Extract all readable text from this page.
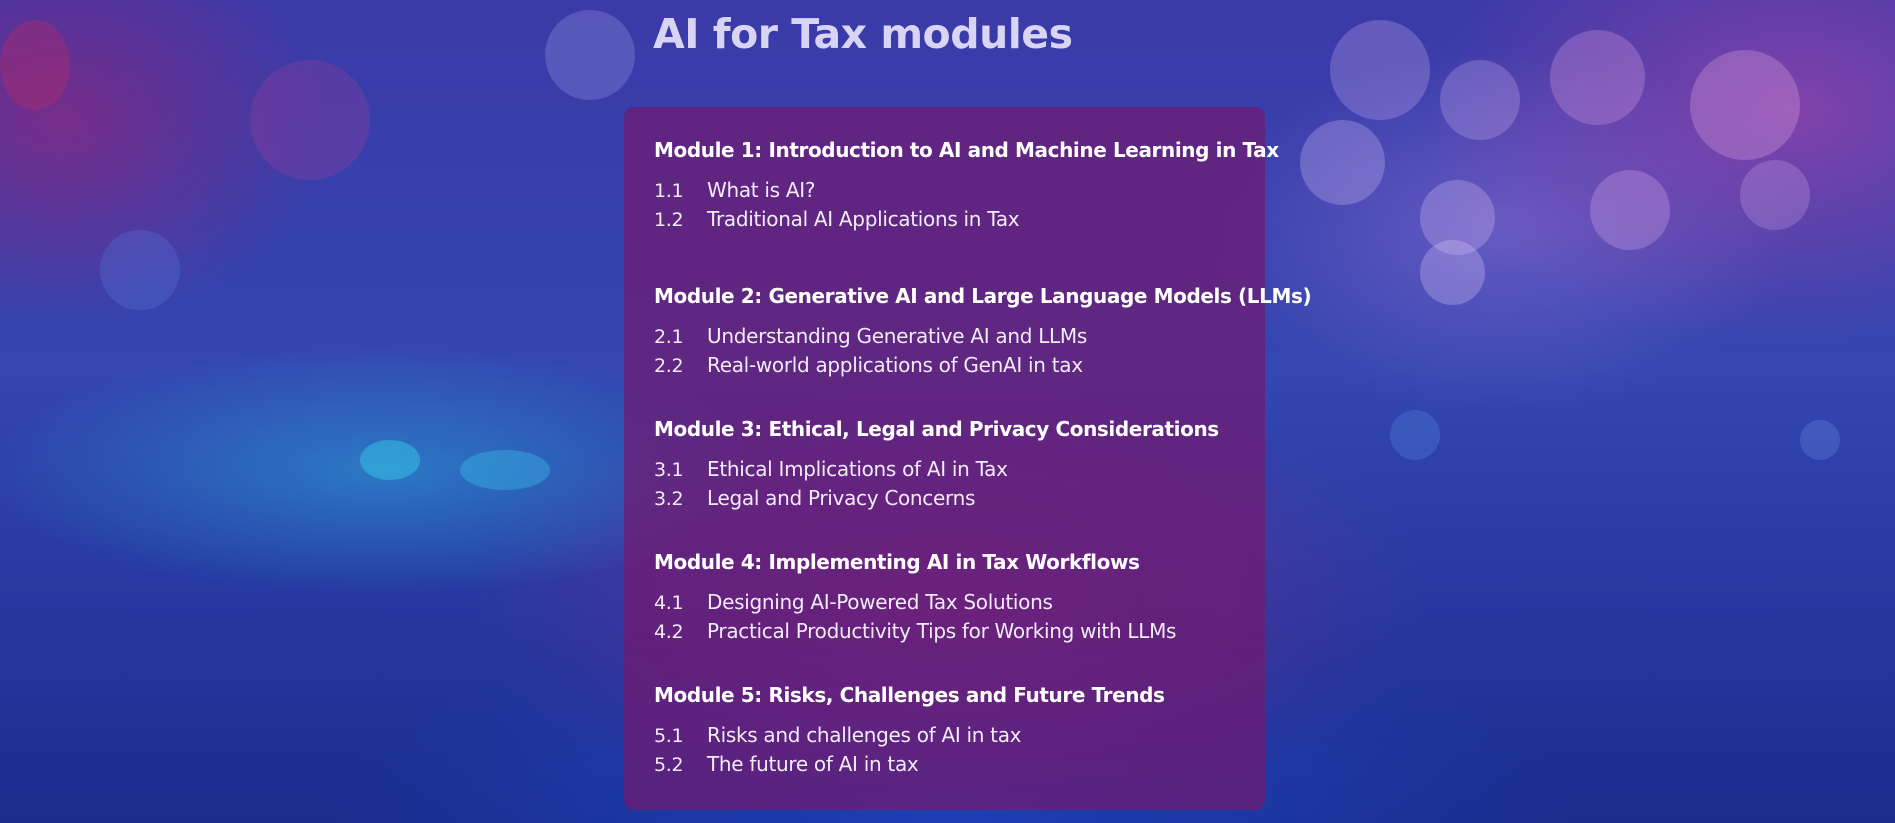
AI for Tax modules
Module 1: Introduction to AI and Machine Learning in Tax
1.1	What is AI?
1.2	Traditional AI Applications in Tax
Module 2: Generative AI and Large Language Models (LLMs)
2.1	Understanding Generative AI and LLMs
2.2	Real-world applications of GenAI in tax
Module 3: Ethical, Legal and Privacy Considerations
3.1	Ethical Implications of AI in Tax
3.2	Legal and Privacy Concerns
Module 4: Implementing AI in Tax Workflows
4.1	Designing AI-Powered Tax Solutions
4.2	Practical Productivity Tips for Working with LLMs
Module 5: Risks, Challenges and Future Trends
5.1	Risks and challenges of AI in tax
5.2	The future of AI in tax
